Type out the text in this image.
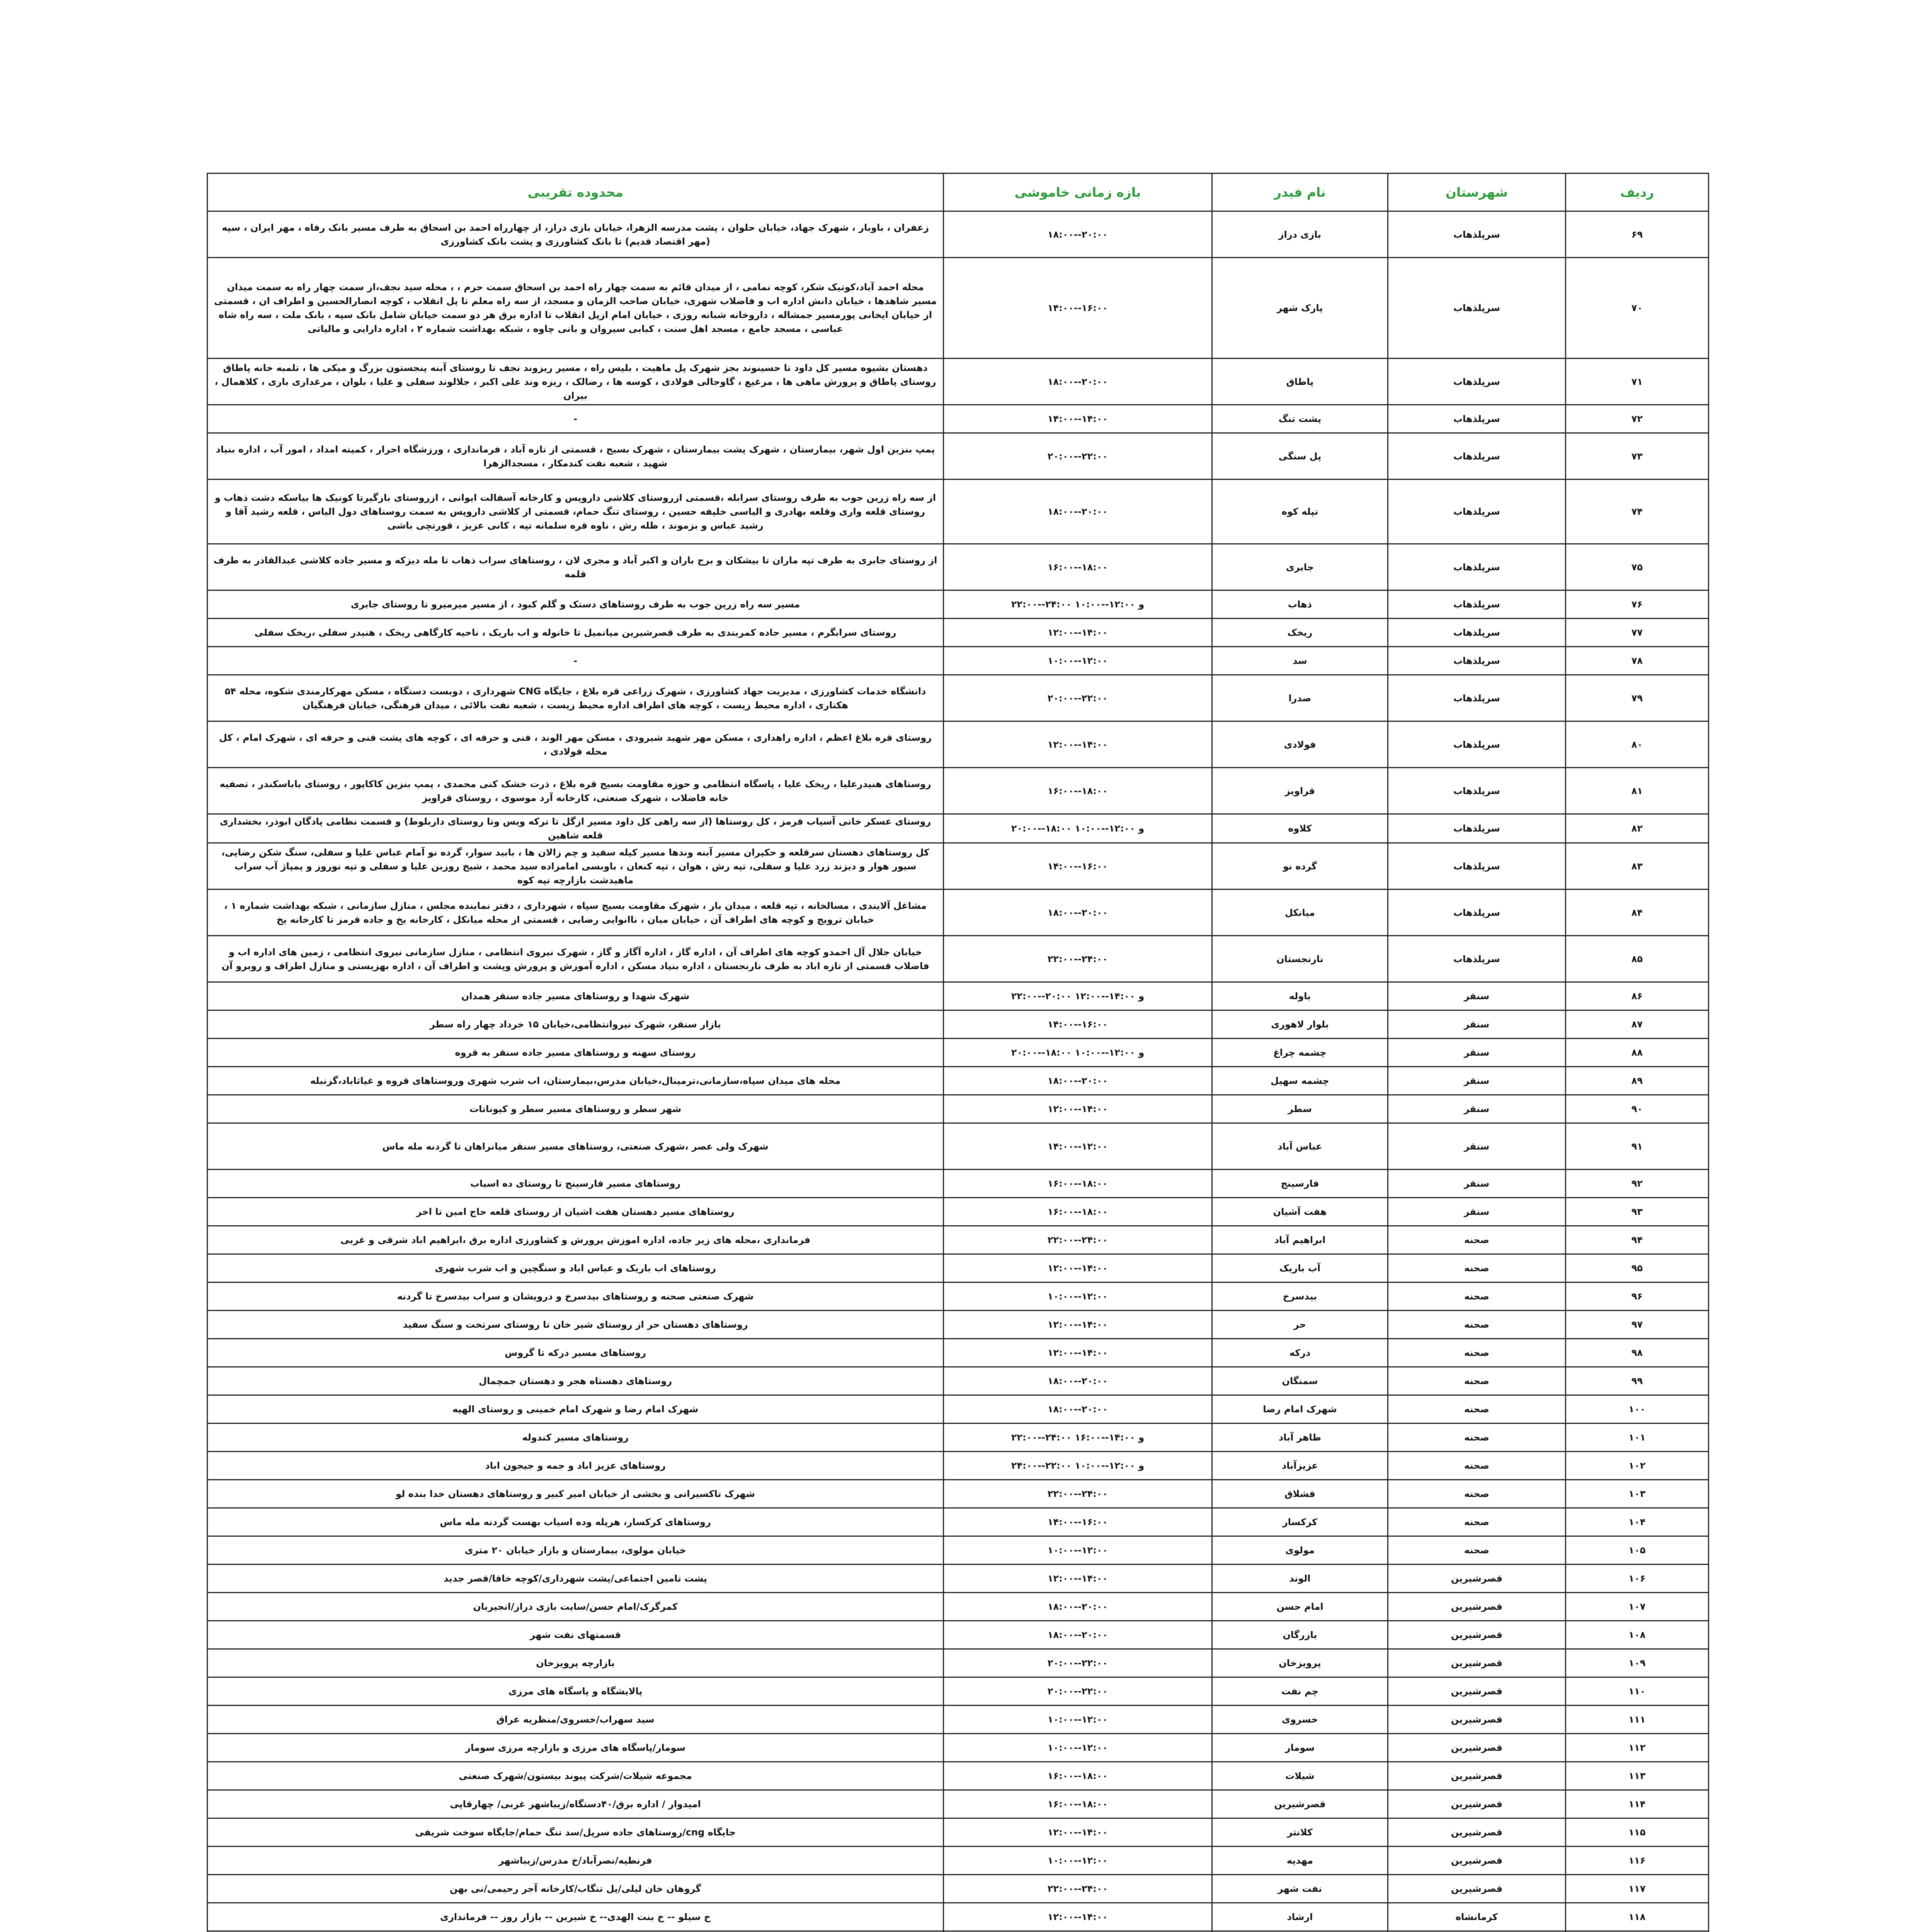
ردیف	شهرستان	نام فیدر	بازه زمانی خاموشی	محدوده تقریبی
۶۹	سرپلذهاب	بازی دراز	۱۸:۰۰--۲۰:۰۰	زعفران ، باوبار ، شهرک جهاد، خیابان حلوان ، پشت مدرسه الزهرا، خیابان بازی دراز، از چهارراه احمد بن اسحاق به طرف مسیر بانک رفاه ، مهر ایران ، سپه (مهر اقتصاد قدیم) تا بانک کشاورزی و پشت بانک کشاورزی
۷۰	سرپلذهاب	پارک شهر	۱۴:۰۰--۱۶:۰۰	محله احمد آباد،کوتیک شکر، کوچه نمامی ، از میدان قائم به سمت چهار راه احمد بن اسحاق سمت حرم ، ، محله سید نجف،از سمت چهار راه به سمت میدان مسیر شاهدها ، خیابان دانش اداره اب و فاضلاب شهری، خیابان صاحب الزمان و مسجد، از سه راه معلم تا پل انقلاب ، کوچه انصارالحسین و اطراف ان ، قسمتی از خیابان ایخانی پورمسیر جمشاله ، داروخانه شبانه روزی ، خیابان امام ازپل انقلاب تا اداره برق هر دو سمت خیابان شامل بانک سپه ، بانک ملت ، سه راه شاه عباسی ، مسجد جامع ، مسجد اهل سنت ، کبابی سیروان و بانی چاوه ، شبکه بهداشت شماره ۲ ، اداره دارایی و مالیاتی
۷۱	سرپلذهاب	پاطاق	۱۸:۰۰--۲۰:۰۰	دهستان بشیوه مسیر کل داود تا حسینوند بجز شهرک پل ماهیت ، بلیس راه ، مسیر ریزوند نجف تا روستای آبنه پنجستون بزرگ و میکی ها ، تلمبه خانه پاطاق روستای پاطاق و پرورش ماهی ها ، مرغیع ، گاوجالی فولادی ، کوسه ها ، رضالک ، ریزه وند علی اکبر ، جلالوند سفلی و علیا ، بلوان ، مرغداری باری ، کلاهمال ، بیران
۷۲	سرپلذهاب	پشت تنگ	۱۴:۰۰--۱۴:۰۰	-
۷۳	سرپلذهاب	پل سنگی	۲۰:۰۰--۲۲:۰۰	پمپ بنزین اول شهر، بیمارستان ، شهرک پشت بیمارستان ، شهرک بسیج ، قسمتی از تازه آباد ، فرمانداری ، ورزشگاه احرار ، کمیته امداد ، امور آب ، اداره بنیاد شهید ، شعبه نفت کندمکار ، مسجدالزهرا
۷۴	سرپلذهاب	تپله کوه	۱۸:۰۰--۲۰:۰۰	از سه راه زرین جوب به طرف روستای سرابله ،قسمتی ازروستای کلاشی داروپس و کارخانه آسفالت ایوانی ، ازروستای بازگیرتا کونیک ها بیاسکه دشت ذهاب و روستای قلعه واری وقلعه بهادری و الیاسی خلیفه حسین ، روستای تنگ حمام، قسمتی از کلاشی داروپس به سمت روستاهای دول الیاس ، قلعه رشید آقا و رشید عباس و بزموند ، ظله رش ، ناوه قره سلمانه تپه ، کانی عزیز ، قورتچی باشی
۷۵	سرپلذهاب	جابری	۱۶:۰۰--۱۸:۰۰	از روستای جابری به طرف تپه ماران تا بیشکان و برج باران و اکبر آباد و مجری لان ، روستاهای سراب ذهاب تا مله دیزکه و مسیر جاده کلاشی عبدالقادر به طرف قلمه
۷۶	سرپلذهاب	ذهاب	۲۲:۰۰--۲۴:۰۰ و ۱۲:۰۰--۱۰:۰۰	مسیر سه راه زرین جوب به طرف روستاهای دستک و گلم کبود ، از مسیر میرمیرو تا روستای جابری
۷۷	سرپلذهاب	ریخک	۱۲:۰۰--۱۴:۰۰	روستای سرابگرم ، مسیر جاده کمربندی به طرف قصرشیرین میانمیل تا خانوله و اب باریک ، ناحیه کارگاهی ریخک ، هنیدر سفلی ،ریخک سفلی
۷۸	سرپلذهاب	سد	۱۰:۰۰--۱۲:۰۰	-
۷۹	سرپلذهاب	صدرا	۲۰:۰۰--۲۲:۰۰	دانشگاه خدمات کشاورزی ، مدیریت جهاد کشاورزی ، شهرک زراعی قره بلاغ ، جایگاه CNG شهرداری ، دوبست دستگاه ، مسکن مهرکارمندی شکوه، محله ۵۴ هکتاری ، اداره محیط زیست ، کوچه های اطراف اداره محیط زیست ، شعبه نفت بالائی ، میدان فرهنگی، خیابان فرهنگیان
۸۰	سرپلذهاب	فولادی	۱۲:۰۰--۱۴:۰۰	روستای قره بلاغ اعظم ، اداره راهداری ، مسکن مهر شهید شیرودی ، مسکن مهر الوند ، فنی و حرفه ای ، کوچه های پشت فنی و حرفه ای ، شهرک امام ، کل محله فولادی ،
۸۱	سرپلذهاب	قراویز	۱۶:۰۰--۱۸:۰۰	روستاهای هنیدرعلیا ، ریخک علیا ، پاسگاه انتظامی و حوزه مقاومت بسیج قره بلاغ ، ذرت خشک کنی محمدی ، پمپ بنزین کاکاپور ، روستای باباسکندر ، تصفیه خانه فاضلاب ، شهرک صنعتی، کارخانه آرد موسوی ، روستای قراویز
۸۲	سرپلذهاب	کلاوه	۲۰:۰۰--۱۸:۰۰ و ۱۲:۰۰--۱۰:۰۰	روستای عسکر خانی آسیاب قرمز ، کل روستاها (از سه راهی کل داود مسیر ازگل تا ترکه ویس وتا روستای داربلوط) و قسمت نظامی پادگان ابوذر، بخشداری قلعه شاهین
۸۳	سرپلذهاب	گرده نو	۱۴:۰۰--۱۶:۰۰	کل روستاهای دهستان سرقلعه و حکیران مسیر آبنه وندها مسیر کیله سفید و چم زالان ها ، بابید سوار، گرده نو آمام عباس علیا و سفلی، سنگ شکن رضایی، سیور هوار و دیزند زرد علیا و سفلی، تپه رش ، هوان ، تپه کنعان ، باوبسی امامزاده سید محمد ، شیخ روزبن علیا و سفلی و تپه نوروز و پمپاژ آب سراب ماهیدشت بازارچه تپه کوه
۸۴	سرپلذهاب	میانکل	۱۸:۰۰--۲۰:۰۰	مشاغل آلایندی ، مسالخانه ، تپه قلعه ، میدان بار ، شهرک مقاومت بسیج سپاه ، شهرداری ، دفتر نماینده مجلس ، منازل سازمانی ، شبکه بهداشت شماره ۱ ، خیابان ترویج و کوچه های اطراف آن ، خیابان میان ، ناانوایی رضایی ، قسمتی از محله میانکل ، کارخانه یخ و جاده قرمز تا کارخانه یخ
۸۵	سرپلذهاب	نارنجستان	۲۲:۰۰--۲۴:۰۰	خیابان جلال آل احمدو کوچه های اطراف آن ، اداره گاز ، اداره آگاز و گاز ، شهرک نیروی انتظامی ، منازل سازمانی نیروی انتظامی ، زمین های اداره اب و فاضلاب قسمتی از تازه اباد به طرف نارنجستان ، اداره بنیاد مسکن ، اداره آموزش و پرورش وپشت و اطراف آن ، اداره بهزیستی و منازل اطراف و روبرو آن
۸۶	سنقر	باوله	۲۲:۰۰--۲۰:۰۰ و ۱۴:۰۰--۱۲:۰۰	شهرک شهدا و روستاهای مسیر جاده سنقر همدان
۸۷	سنقر	بلوار لاهوری	۱۴:۰۰--۱۶:۰۰	بازار سنقر، شهرک نیروانتظامی،خیابان ۱۵ خرداد چهار راه سطر
۸۸	سنقر	چشمه چراغ	۲۰:۰۰--۱۸:۰۰ و ۱۲:۰۰--۱۰:۰۰	روستای سهنه و روستاهای مسیر جاده سنقر به قروه
۸۹	سنقر	چشمه سهیل	۱۸:۰۰--۲۰:۰۰	محله های میدان سپاه،سازمانی،ترمینال،خیابان مدرس،بیمارستان، اب شرب شهری وروستاهای قروه و غیاثاباد،گزنبله
۹۰	سنقر	سطر	۱۲:۰۰--۱۴:۰۰	شهر سطر و روستاهای مسیر سطر و کیوناتات
۹۱	سنقر	عباس آباد	۱۴:۰۰--۱۲:۰۰	شهرک ولی عصر ،شهرک صنعتی، روستاهای مسیر سنقر میانراهان تا گردنه مله ماس
۹۲	سنقر	فارسینج	۱۶:۰۰--۱۸:۰۰	روستاهای مسیر فارسینج تا روستای ده اسیاب
۹۳	سنقر	هفت آشیان	۱۶:۰۰--۱۸:۰۰	روستاهای مسیر دهستان هفت اشیان از روستای قلعه حاج امین تا اخر
۹۴	صحنه	ابراهیم آباد	۲۲:۰۰--۲۴:۰۰	فرمانداری ،محله های زیر جاده، اداره اموزش پرورش و کشاورزی اداره برق ،ابراهیم اباد شرقی و غربی
۹۵	صحنه	آب باریک	۱۲:۰۰--۱۴:۰۰	روستاهای اب باریک و عباس اباد و سنگچین و اب شرب شهری
۹۶	صحنه	بیدسرخ	۱۰:۰۰--۱۲:۰۰	شهرک صنعتی صحنه و روستاهای بیدسرخ و درویشان و سراب بیدسرخ تا گردنه
۹۷	صحنه	حر	۱۲:۰۰--۱۴:۰۰	روستاهای دهستان حر از روستای شیر خان تا روستای سرتخت و سنگ سفید
۹۸	صحنه	درکه	۱۲:۰۰--۱۴:۰۰	روستاهای مسیر درکه تا گروس
۹۹	صحنه	سمنگان	۱۸:۰۰--۲۰:۰۰	روستاهای دهستاه هجر و دهستان جمچمال
۱۰۰	صحنه	شهرک امام رضا	۱۸:۰۰--۲۰:۰۰	شهرک امام رضا و شهرک امام خمینی و روستای الهیه
۱۰۱	صحنه	طاهر آباد	۲۲:۰۰--۲۴:۰۰ و ۱۴:۰۰--۱۶:۰۰	روستاهای مسیر کندوله
۱۰۲	صحنه	عزیزآباد	۲۴:۰۰--۲۲:۰۰ و ۱۲:۰۰--۱۰:۰۰	روستاهای عزیز اباد و جمه و جیجون اباد
۱۰۳	صحنه	قشلاق	۲۲:۰۰--۲۴:۰۰	شهرک تاکسیرانی و بخشی از خیابان امیر کبیر و روستاهای دهستان خدا بنده لو
۱۰۴	صحنه	کرکسار	۱۴:۰۰--۱۶:۰۰	روستاهای کرکسار، هرپله وده اسیاب بهست گردنه مله ماس
۱۰۵	صحنه	مولوی	۱۰:۰۰--۱۲:۰۰	خیابان مولوی، بیمارستان و بازار خیابان ۲۰ متری
۱۰۶	قصرشیرین	الوند	۱۲:۰۰--۱۴:۰۰	پشت تامین اجتماعی/پشت شهرداری/کوچه خاقا/قصر جدید
۱۰۷	قصرشیرین	امام حسن	۱۸:۰۰--۲۰:۰۰	کمرگرک/امام حسن/سایت بازی دراز/انجیربان
۱۰۸	قصرشیرین	بازرگان	۱۸:۰۰--۲۰:۰۰	قسمتهای نفت شهر
۱۰۹	قصرشیرین	پرویزخان	۲۰:۰۰--۲۲:۰۰	بازارچه پرویزخان
۱۱۰	قصرشیرین	چم نفت	۲۰:۰۰--۲۲:۰۰	پالایشگاه و پاسگاه های مرزی
۱۱۱	قصرشیرین	خسروی	۱۰:۰۰--۱۲:۰۰	سید سهراب/خسروی/منظریه عراق
۱۱۲	قصرشیرین	سومار	۱۰:۰۰--۱۲:۰۰	سومار/پاسگاه های مرزی و بازارچه مرزی سومار
۱۱۳	قصرشیرین	شیلات	۱۶:۰۰--۱۸:۰۰	مجموعه شیلات/شرکت پیوند بیستون/شهرک صنعتی
۱۱۴	قصرشیرین	قصرشیرین	۱۶:۰۰--۱۸:۰۰	امیدوار / اداره برق/۴۰دستگاه/زیباشهر غربی/ چهارقاپی
۱۱۵	قصرشیرین	کلانتر	۱۲:۰۰--۱۴:۰۰	جایگاه cng/روستاهای جاده سرپل/سد تنگ حمام/جایگاه سوخت شریفی
۱۱۶	قصرشیرین	مهدیه	۱۰:۰۰--۱۲:۰۰	فرنطیه/نصرآباد/خ مدرس/زیباشهر
۱۱۷	قصرشیرین	نفت شهر	۲۲:۰۰--۲۴:۰۰	گروهان خان لیلی/پل تنگاب/کارخانه آجر رحیمی/نی بهن
۱۱۸	کرمانشاه	ارشاد	۱۲:۰۰--۱۴:۰۰	خ سیلو -- خ بنت الهدی-- خ شیرین -- بازار روز -- فرمانداری
